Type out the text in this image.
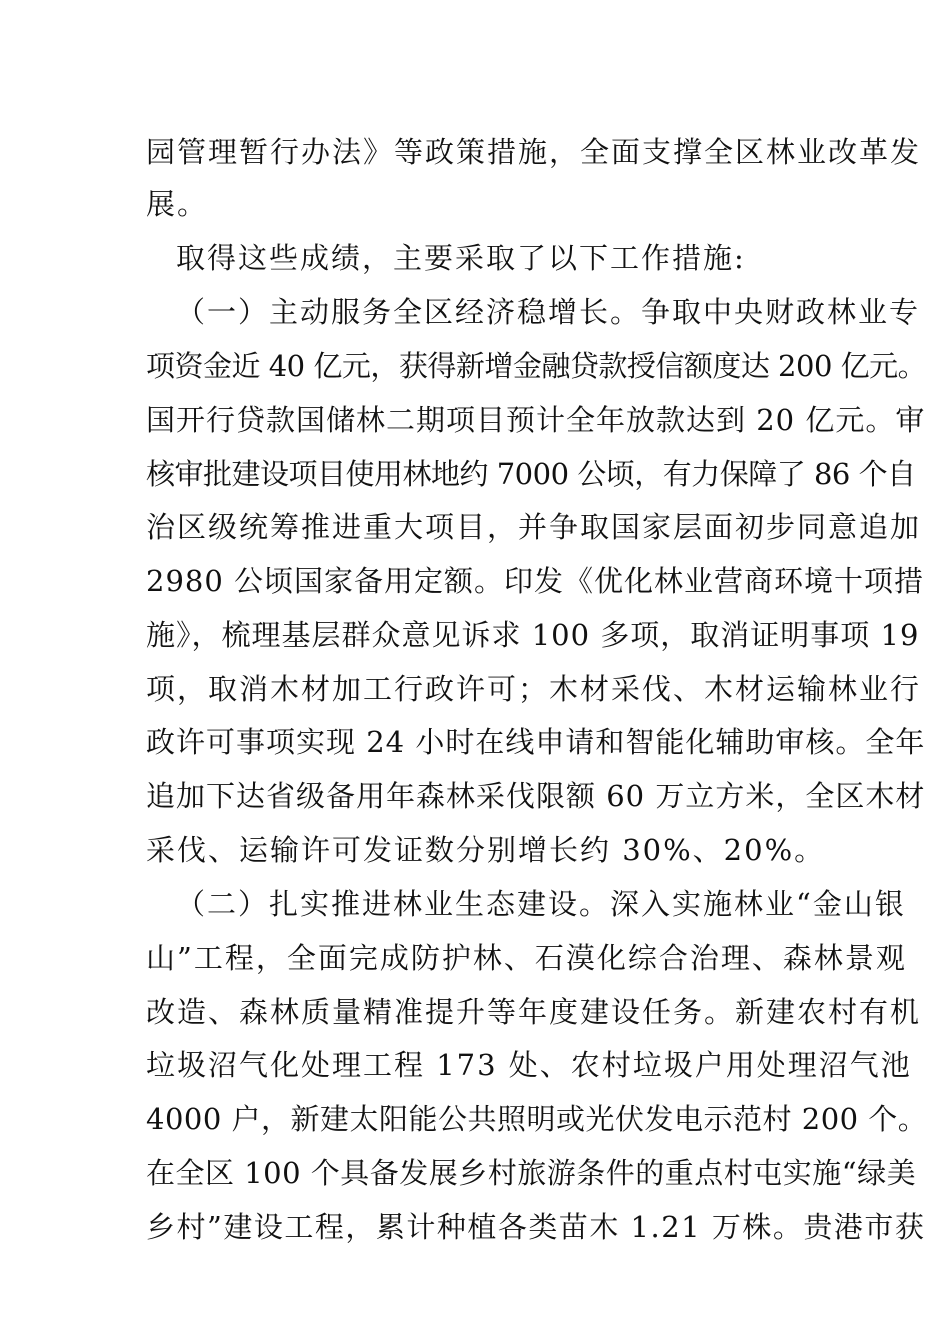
园管理暂行办法》等政策措施，全面支撑全区林业改革发
展。
取得这些成绩，主要采取了以下工作措施:
（一）主动服务全区经济稳增长。争取中央财政林业专
项资金近 40 亿元，获得新增金融贷款授信额度达 200 亿元。
国开行贷款国储林二期项目预计全年放款达到 20 亿元。审
核审批建设项目使用林地约 7000 公顷，有力保障了 86 个自
治区级统筹推进重大项目，并争取国家层面初步同意追加
2980 公顷国家备用定额。印发《优化林业营商环境十项措
施》，梳理基层群众意见诉求 100 多项，取消证明事项 19
项，取消木材加工行政许可；木材采伐、木材运输林业行
政许可事项实现 24 小时在线申请和智能化辅助审核。全年
追加下达省级备用年森林采伐限额 60 万立方米，全区木材
采伐、运输许可发证数分别增长约 30%、20%。
（二）扎实推进林业生态建设。深入实施林业“金山银
山”工程，全面完成防护林、石漠化综合治理、森林景观
改造、森林质量精准提升等年度建设任务。新建农村有机
垃圾沼气化处理工程 173 处、农村垃圾户用处理沼气池
4000 户，新建太阳能公共照明或光伏发电示范村 200 个。
在全区 100 个具备发展乡村旅游条件的重点村屯实施“绿美
乡村”建设工程，累计种植各类苗木 1.21 万株。贵港市获
